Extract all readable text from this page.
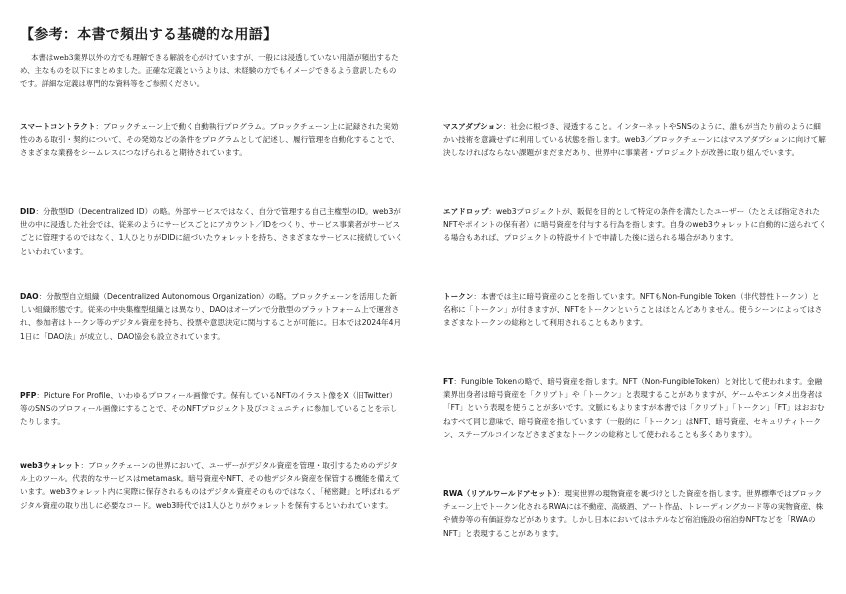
【参考：本書で頻出する基礎的な用語】
本書はweb3業界以外の方でも理解できる解説を心がけていますが、一般には浸透していない用語が頻出するため、主なものを以下にまとめました。正確な定義というよりは、未経験の方でもイメージできるよう意訳したものです。詳細な定義は専門的な資料等をご参照ください。
スマートコントラクト：ブロックチェーン上で動く自動執行プログラム。ブロックチェーン上に記録された実効性のある取引・契約について、その発効などの条件をプログラムとして記述し、履行管理を自動化することで、さまざまな業務をシームレスにつなげられると期待されています。
DID：分散型ID（Decentralized ID）の略。外部サービスではなく、自分で管理する自己主権型のID。web3が世の中に浸透した社会では、従来のようにサービスごとにアカウント／IDをつくり、サービス事業者がサービスごとに管理するのではなく、1人ひとりがDIDに紐づいたウォレットを持ち、さまざまなサービスに接続していくといわれています。
DAO：分散型自立組織（Decentralized Autonomous Organization）の略。ブロックチェーンを活用した新しい組織形態です。従来の中央集権型組織とは異なり、DAOはオープンで分散型のプラットフォーム上で運営され、参加者はトークン等のデジタル資産を持ち、投票や意思決定に関与することが可能に。日本では2024年4月1日に「DAO法」が成立し、DAO協会も設立されています。
PFP：Picture For Profile、いわゆるプロフィール画像です。保有しているNFTのイラスト像をX（旧Twitter）等のSNSのプロフィール画像にすることで、そのNFTプロジェクト及びコミュニティに参加していることを示したりします。
web3ウォレット：ブロックチェーンの世界において、ユーザーがデジタル資産を管理・取引するためのデジタル上のツール。代表的なサービスはmetamask。暗号資産やNFT、その他デジタル資産を保管する機能を備えています。web3ウォレット内に実際に保存されるものはデジタル資産そのものではなく、「秘密鍵」と呼ばれるデジタル資産の取り出しに必要なコード。web3時代では1人ひとりがウォレットを保有するといわれています。
マスアダプション：社会に根づき、浸透すること。インターネットやSNSのように、誰もが当たり前のように細かい技術を意識せずに利用している状態を指します。web3／ブロックチェーンにはマスアダプションに向けて解決しなければならない課題がまだまだあり、世界中に事業者・プロジェクトが改善に取り組んでいます。
エアドロップ：web3プロジェクトが、販促を目的として特定の条件を満たしたユーザー（たとえば指定されたNFTやポイントの保有者）に暗号資産を付与する行為を指します。自身のweb3ウォレットに自動的に送られてくる場合もあれば、プロジェクトの特設サイトで申請した後に送られる場合があります。
トークン：本書では主に暗号資産のことを指しています。NFTもNon-Fungible Token（非代替性トークン）と名称に「トークン」が付きますが、NFTをトークンということはほとんどありません。使うシーンによってはさまざまなトークンの総称として利用されることもあります。
FT：Fungible Tokenの略で、暗号資産を指します。NFT（Non-FungibleToken）と対比して使われます。金融業界出身者は暗号資産を「クリプト」や「トークン」と表現することがありますが、ゲームやエンタメ出身者は「FT」という表現を使うことが多いです。文脈にもよりますが本書では「クリプト」「トークン」「FT」はおおむねすべて同じ意味で、暗号資産を指しています（一般的に「トークン」はNFT、暗号資産、セキュリティトークン、ステーブルコインなどさまざまなトークンの総称として使われることも多くあります）。
RWA（リアルワールドアセット）：現実世界の現物資産を裏づけとした資産を指します。世界標準ではブロックチェーン上でトークン化されるRWAには不動産、高級酒、アート作品、トレーディングカード等の実物資産、株や債券等の有価証券などがあります。しかし日本においてはホテルなど宿泊施設の宿泊券NFTなどを「RWAのNFT」と表現することがあります。
